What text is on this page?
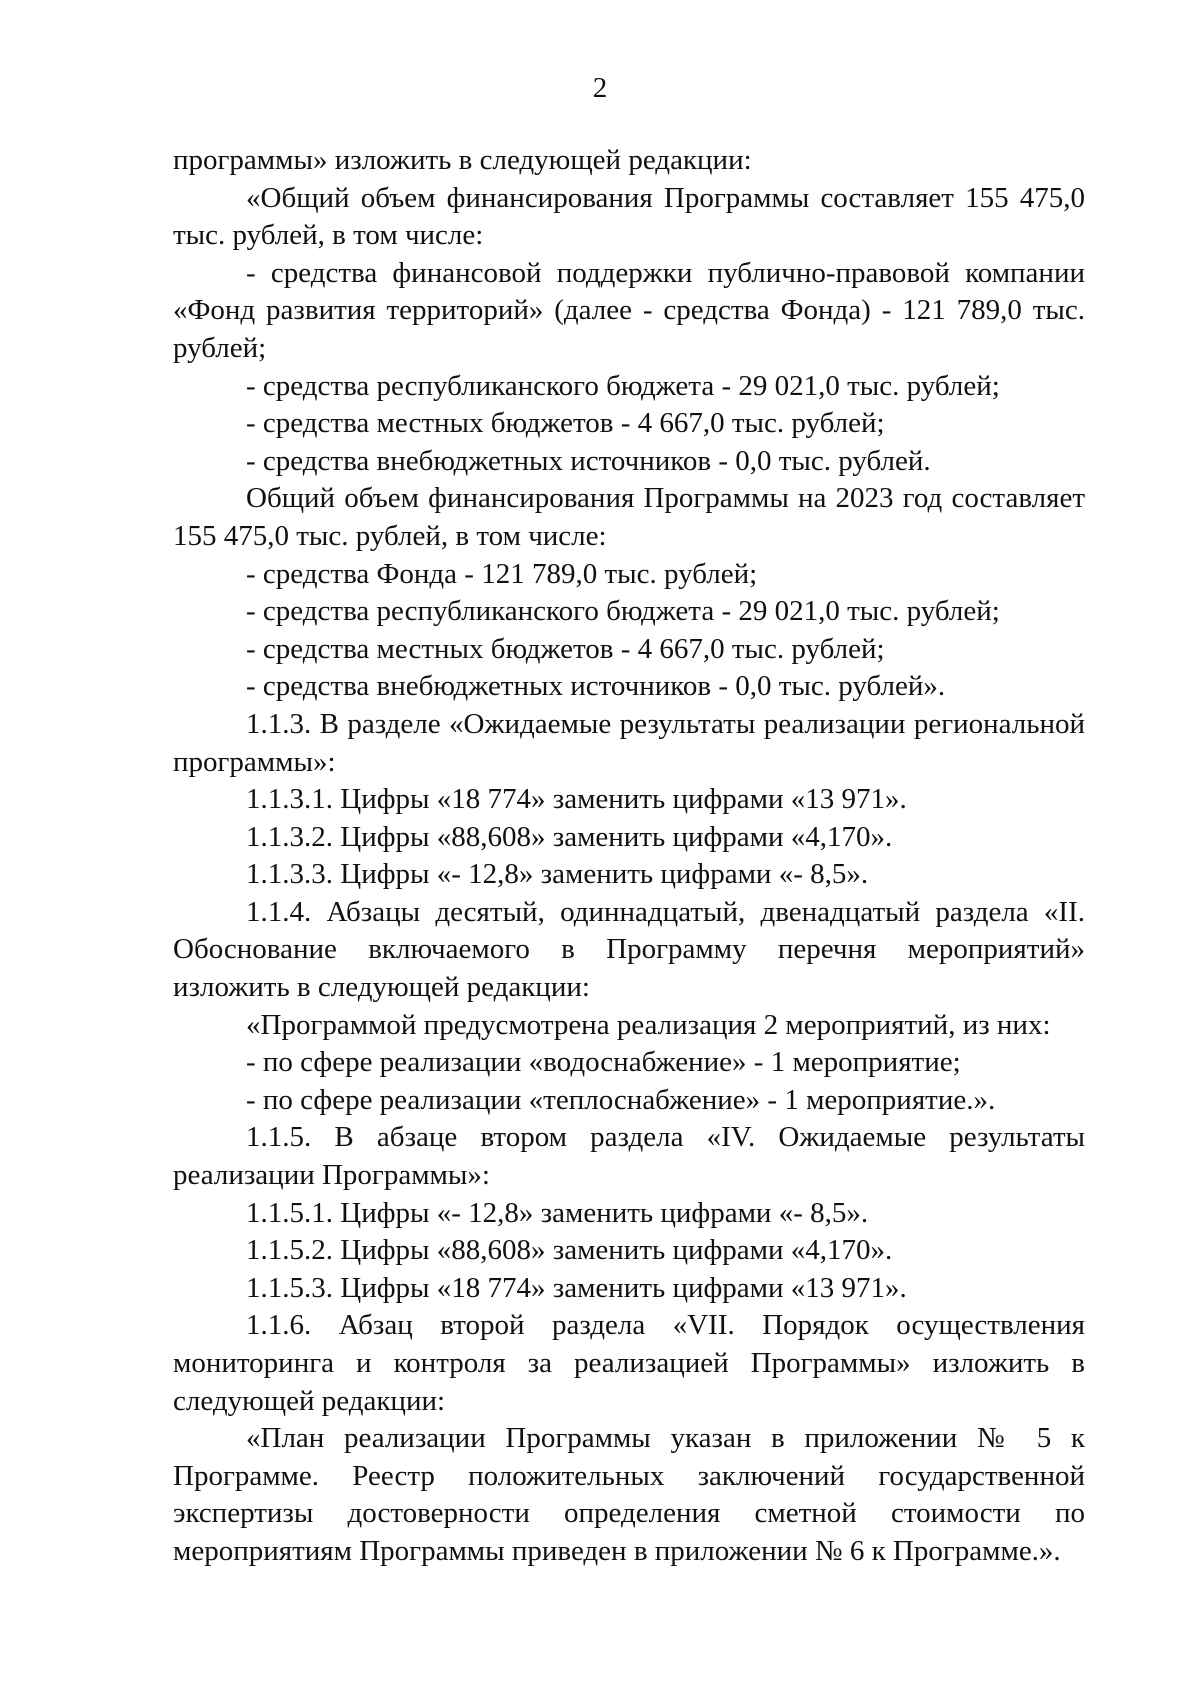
2

программы» изложить в следующей редакции:

«Общий объем финансирования Программы составляет 155 475,0 тыс. рублей, в том числе:

- средства финансовой поддержки публично-правовой компании «Фонд развития территорий» (далее - средства Фонда) - 121 789,0 тыс. рублей;

- средства республиканского бюджета - 29 021,0 тыс. рублей;

- средства местных бюджетов - 4 667,0 тыс. рублей;

- средства внебюджетных источников - 0,0 тыс. рублей.

Общий объем финансирования Программы на 2023 год составляет 155 475,0 тыс. рублей, в том числе:

- средства Фонда - 121 789,0 тыс. рублей;

- средства республиканского бюджета - 29 021,0 тыс. рублей;

- средства местных бюджетов - 4 667,0 тыс. рублей;

- средства внебюджетных источников - 0,0 тыс. рублей».

1.1.3. В разделе «Ожидаемые результаты реализации региональной программы»:

1.1.3.1. Цифры «18 774» заменить цифрами «13 971».

1.1.3.2. Цифры «88,608» заменить цифрами «4,170».

1.1.3.3. Цифры «- 12,8» заменить цифрами «- 8,5».

1.1.4. Абзацы десятый, одиннадцатый, двенадцатый раздела «II. Обоснование включаемого в Программу перечня мероприятий» изложить в следующей редакции:

«Программой предусмотрена реализация 2 мероприятий, из них:

- по сфере реализации «водоснабжение» - 1 мероприятие;

- по сфере реализации «теплоснабжение» - 1 мероприятие.».

1.1.5. В абзаце втором раздела «IV. Ожидаемые результаты реализации Программы»:

1.1.5.1. Цифры «- 12,8» заменить цифрами «- 8,5».

1.1.5.2. Цифры «88,608» заменить цифрами «4,170».

1.1.5.3. Цифры «18 774» заменить цифрами «13 971».

1.1.6. Абзац второй раздела «VII. Порядок осуществления мониторинга и контроля за реализацией Программы» изложить в следующей редакции:

«План реализации Программы указан в приложении № 5 к Программе. Реестр положительных заключений государственной экспертизы достоверности определения сметной стоимости по мероприятиям Программы приведен в приложении № 6 к Программе.».
